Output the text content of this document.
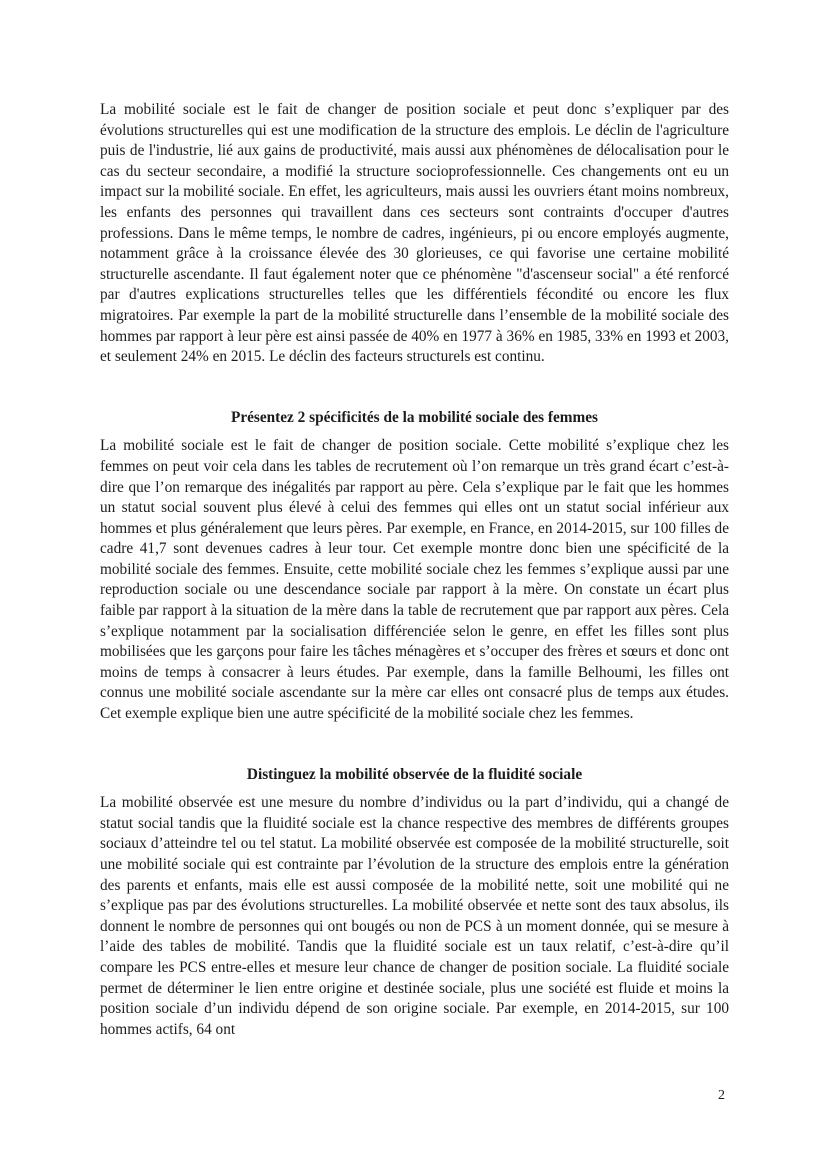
La mobilité sociale est le fait de changer de position sociale et peut donc s’expliquer par des évolutions structurelles qui est une modification de la structure des emplois. Le déclin de l'agriculture puis de l'industrie, lié aux gains de productivité, mais aussi aux phénomènes de délocalisation pour le cas du secteur secondaire, a modifié la structure socioprofessionnelle. Ces changements ont eu un impact sur la mobilité sociale. En effet, les agriculteurs, mais aussi les ouvriers étant moins nombreux, les enfants des personnes qui travaillent dans ces secteurs sont contraints d'occuper d'autres professions. Dans le même temps, le nombre de cadres, ingénieurs, pi ou encore employés augmente, notamment grâce à la croissance élevée des 30 glorieuses, ce qui favorise une certaine mobilité structurelle ascendante. Il faut également noter que ce phénomène "d'ascenseur social" a été renforcé par d'autres explications structurelles telles que les différentiels fécondité ou encore les flux migratoires. Par exemple la part de la mobilité structurelle dans l’ensemble de la mobilité sociale des hommes par rapport à leur père est ainsi passée de 40% en 1977 à 36% en 1985, 33% en 1993 et 2003, et seulement 24% en 2015. Le déclin des facteurs structurels est continu.

Présentez 2 spécificités de la mobilité sociale des femmes

La mobilité sociale est le fait de changer de position sociale. Cette mobilité s’explique chez les femmes on peut voir cela dans les tables de recrutement où l’on remarque un très grand écart c’est-à-dire que l’on remarque des inégalités par rapport au père. Cela s’explique par le fait que les hommes un statut social souvent plus élevé à celui des femmes qui elles ont un statut social inférieur aux hommes et plus généralement que leurs pères. Par exemple, en France, en 2014-2015, sur 100 filles de cadre 41,7 sont devenues cadres à leur tour. Cet exemple montre donc bien une spécificité de la mobilité sociale des femmes. Ensuite, cette mobilité sociale chez les femmes s’explique aussi par une reproduction sociale ou une descendance sociale par rapport à la mère. On constate un écart plus faible par rapport à la situation de la mère dans la table de recrutement que par rapport aux pères. Cela s’explique notamment par la socialisation différenciée selon le genre, en effet les filles sont plus mobilisées que les garçons pour faire les tâches ménagères et s’occuper des frères et sœurs et donc ont moins de temps à consacrer à leurs études. Par exemple, dans la famille Belhoumi, les filles ont connus une mobilité sociale ascendante sur la mère car elles ont consacré plus de temps aux études. Cet exemple explique bien une autre spécificité de la mobilité sociale chez les femmes.

Distinguez la mobilité observée de la fluidité sociale

La mobilité observée est une mesure du nombre d’individus ou la part d’individu, qui a changé de statut social tandis que la fluidité sociale est la chance respective des membres de différents groupes sociaux d’atteindre tel ou tel statut. La mobilité observée est composée de la mobilité structurelle, soit une mobilité sociale qui est contrainte par l’évolution de la structure des emplois entre la génération des parents et enfants, mais elle est aussi composée de la mobilité nette, soit une mobilité qui ne s’explique pas par des évolutions structurelles. La mobilité observée et nette sont des taux absolus, ils donnent le nombre de personnes qui ont bougés ou non de PCS à un moment donnée, qui se mesure à l’aide des tables de mobilité. Tandis que la fluidité sociale est un taux relatif, c’est-à-dire qu’il compare les PCS entre-elles et mesure leur chance de changer de position sociale. La fluidité sociale permet de déterminer le lien entre origine et destinée sociale, plus une société est fluide et moins la position sociale d’un individu dépend de son origine sociale. Par exemple, en 2014-2015, sur 100 hommes actifs, 64 ont

2
